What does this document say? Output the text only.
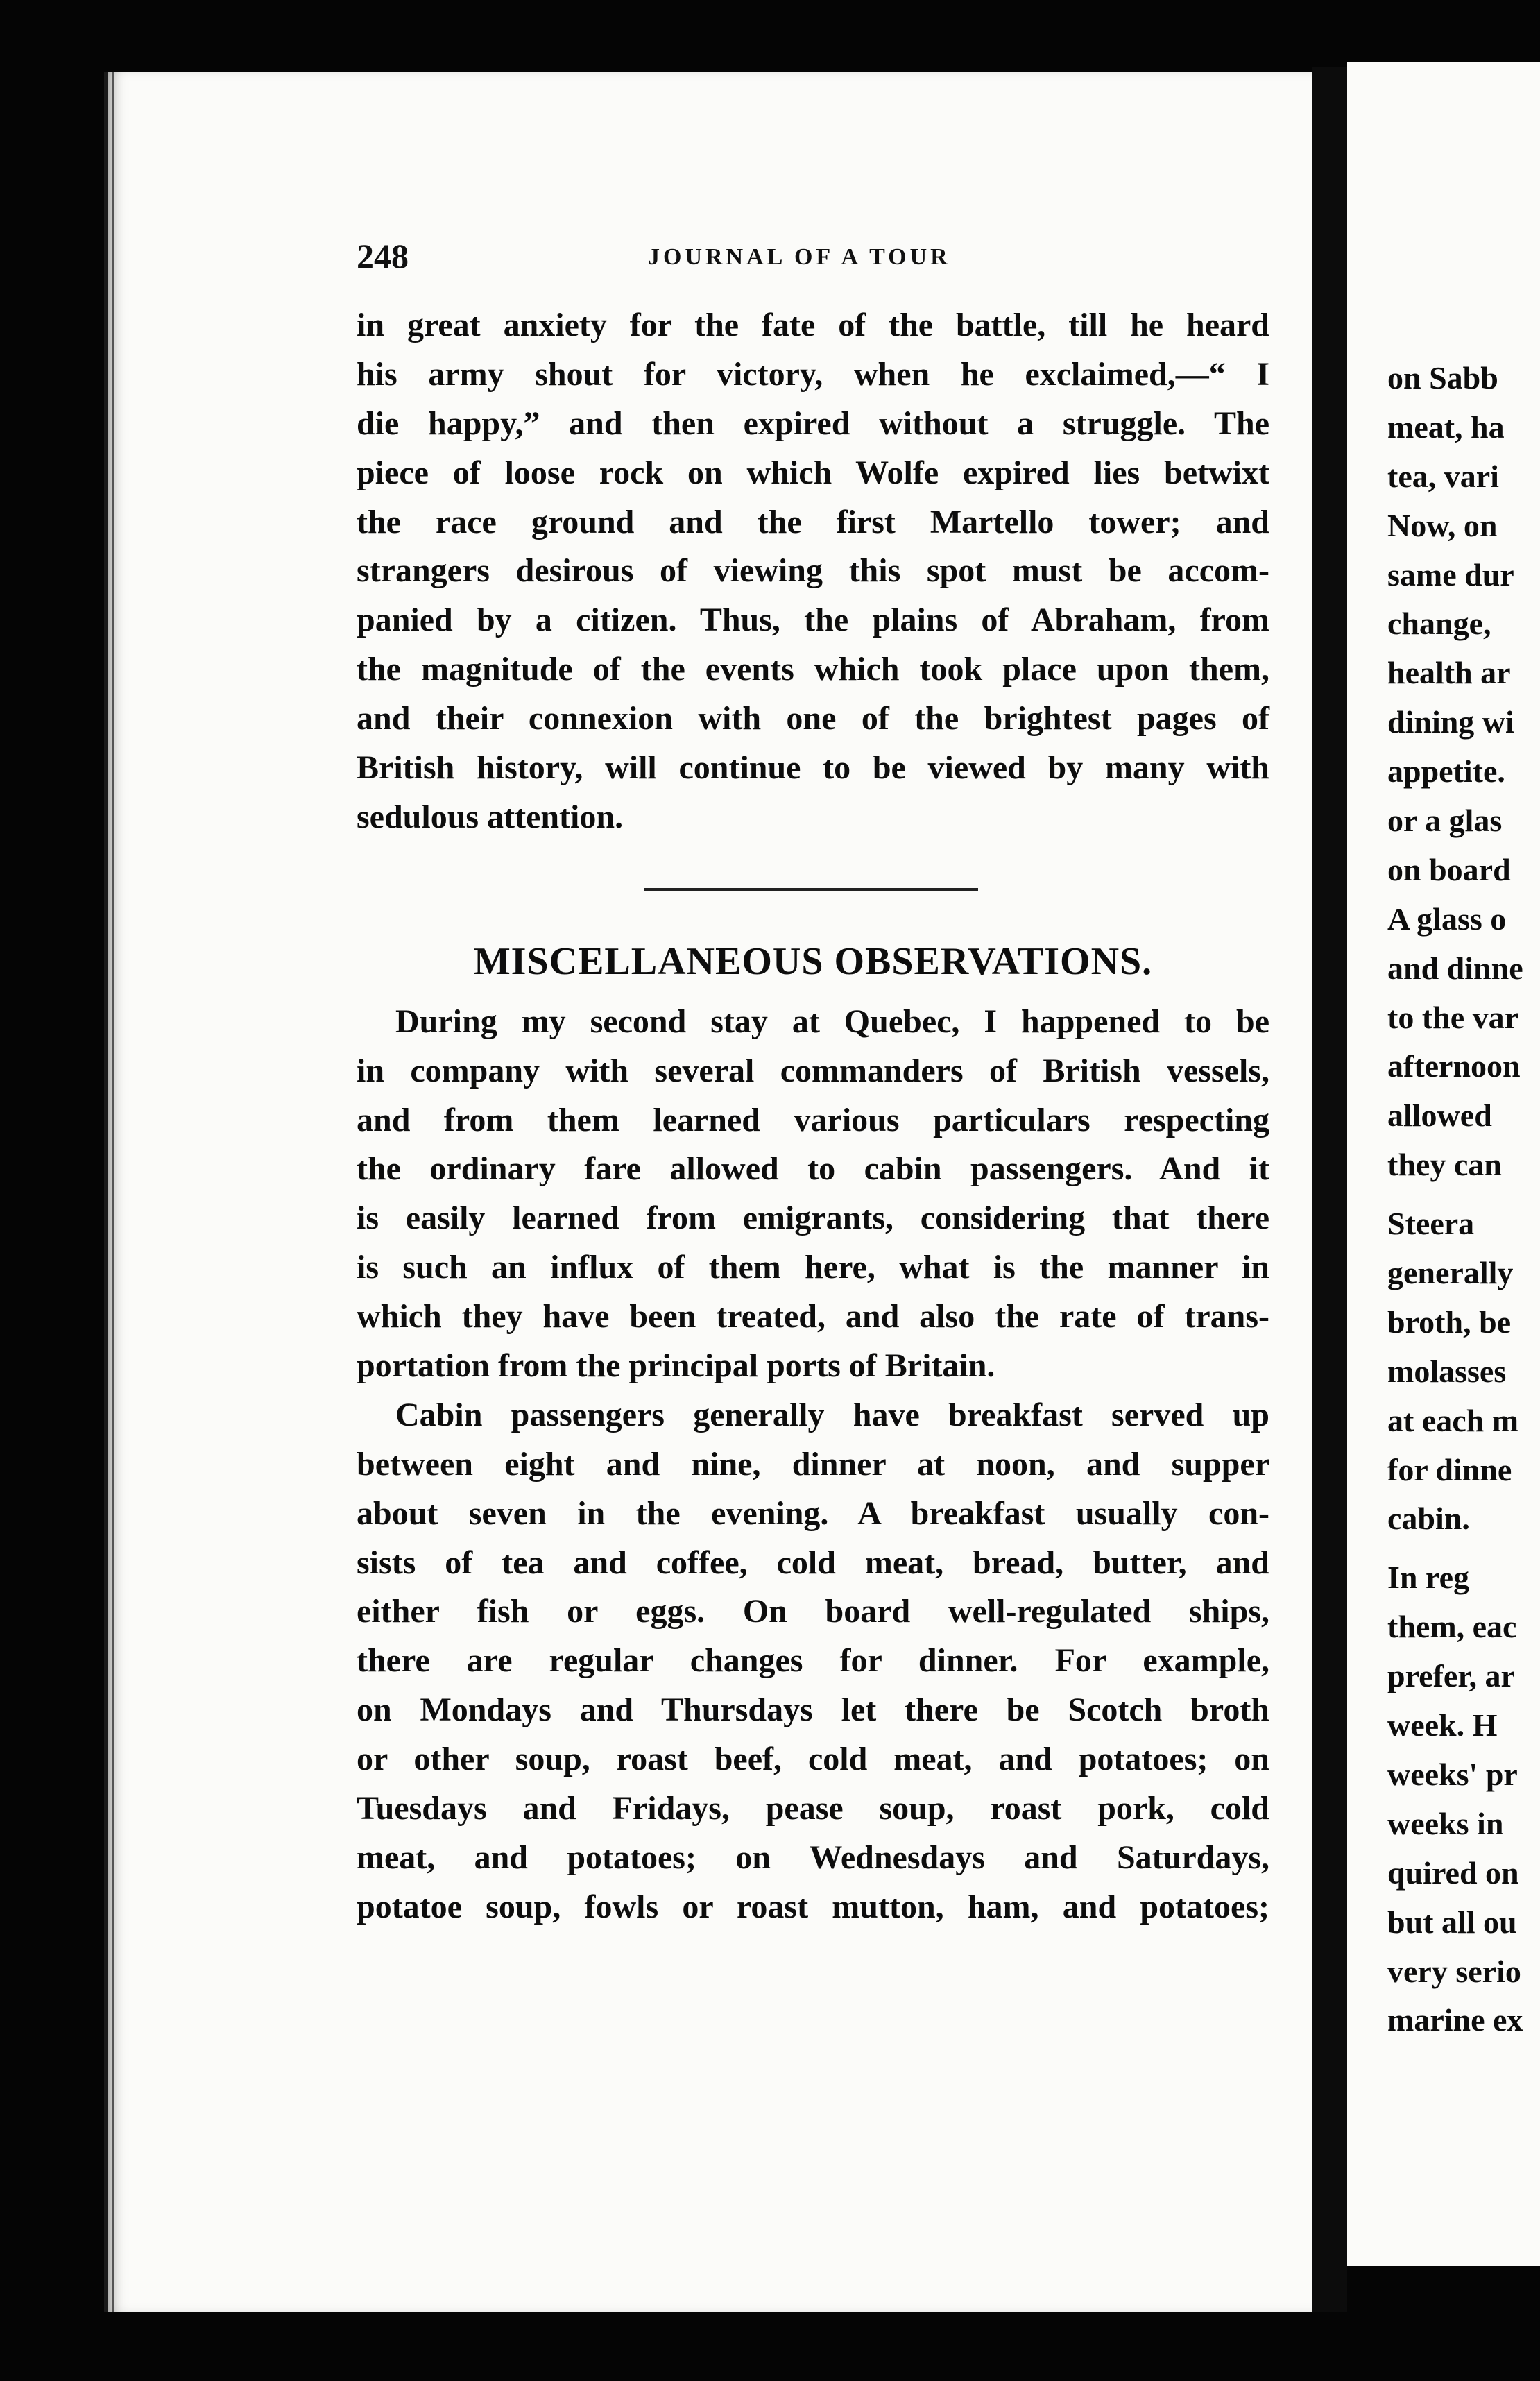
on Sabb
meat, ha
tea, vari
Now, on
same dur
change,
health ar
dining wi
appetite.
or a glas
on board
A glass o
and dinne
to the var
afternoon
allowed
they can
Steera
generally
broth, be
molasses
at each m
for dinne
cabin.
In reg
them, eac
prefer, ar
week. H
weeks' pr
weeks in
quired on
but all ou
very serio
marine ex
248	JOURNAL OF A TOUR
in great anxiety for the fate of the battle, till he heard
his army shout for victory, when he exclaimed,—“ I
die happy,” and then expired without a struggle. The
piece of loose rock on which Wolfe expired lies betwixt
the race ground and the first Martello tower; and
strangers desirous of viewing this spot must be accom-
panied by a citizen. Thus, the plains of Abraham, from
the magnitude of the events which took place upon them,
and their connexion with one of the brightest pages of
British history, will continue to be viewed by many with
sedulous attention.
MISCELLANEOUS OBSERVATIONS.
During my second stay at Quebec, I happened to be
in company with several commanders of British vessels,
and from them learned various particulars respecting
the ordinary fare allowed to cabin passengers. And it
is easily learned from emigrants, considering that there
is such an influx of them here, what is the manner in
which they have been treated, and also the rate of trans-
portation from the principal ports of Britain.
Cabin passengers generally have breakfast served up
between eight and nine, dinner at noon, and supper
about seven in the evening. A breakfast usually con-
sists of tea and coffee, cold meat, bread, butter, and
either fish or eggs. On board well-regulated ships,
there are regular changes for dinner. For example,
on Mondays and Thursdays let there be Scotch broth
or other soup, roast beef, cold meat, and potatoes; on
Tuesdays and Fridays, pease soup, roast pork, cold
meat, and potatoes; on Wednesdays and Saturdays,
potatoe soup, fowls or roast mutton, ham, and potatoes;
